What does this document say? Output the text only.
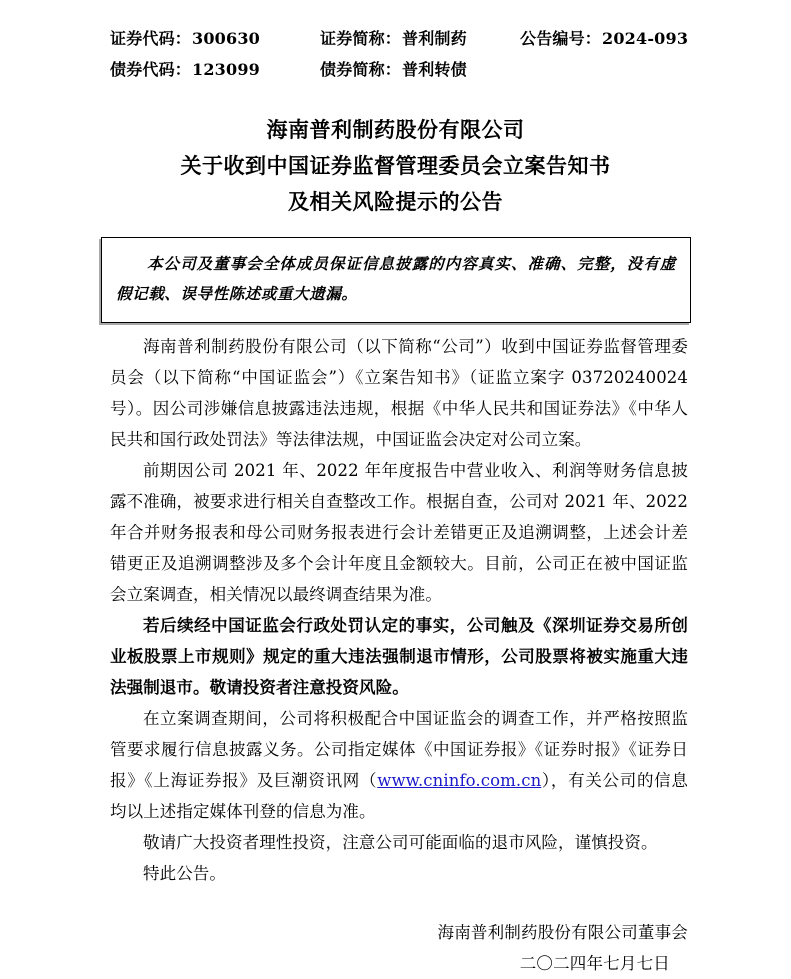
证券代码： 300630	证券简称： 普利制药	公告编号： 2024-093
债券代码： 123099	债券简称： 普利转债
海南普利制药股份有限公司
关于收到中国证券监督管理委员会立案告知书
及相关风险提示的公告
本公司及董事会全体成员保证信息披露的内容真实、准确、完整，没有虚假记载、误导性陈述或重大遗漏。

海南普利制药股份有限公司（以下简称“公司”）收到中国证券监督管理委员会（以下简称“中国证监会”）《立案告知书》（证监立案字 03720240024号）。因公司涉嫌信息披露违法违规，根据《中华人民共和国证券法》《中华人民共和国行政处罚法》等法律法规，中国证监会决定对公司立案。

前期因公司 2021 年、2022 年年度报告中营业收入、利润等财务信息披露不准确，被要求进行相关自查整改工作。根据自查，公司对 2021 年、2022 年合并财务报表和母公司财务报表进行会计差错更正及追溯调整，上述会计差错更正及追溯调整涉及多个会计年度且金额较大。目前，公司正在被中国证监会立案调查，相关情况以最终调查结果为准。

若后续经中国证监会行政处罚认定的事实，公司触及《深圳证券交易所创业板股票上市规则》规定的重大违法强制退市情形，公司股票将被实施重大违法强制退市。敬请投资者注意投资风险。

在立案调查期间，公司将积极配合中国证监会的调查工作，并严格按照监管要求履行信息披露义务。公司指定媒体《中国证券报》《证券时报》《证券日报》《上海证券报》及巨潮资讯网（www.cninfo.com.cn），有关公司的信息均以上述指定媒体刊登的信息为准。

敬请广大投资者理性投资，注意公司可能面临的退市风险，谨慎投资。

特此公告。

海南普利制药股份有限公司董事会
二〇二四年七月七日
